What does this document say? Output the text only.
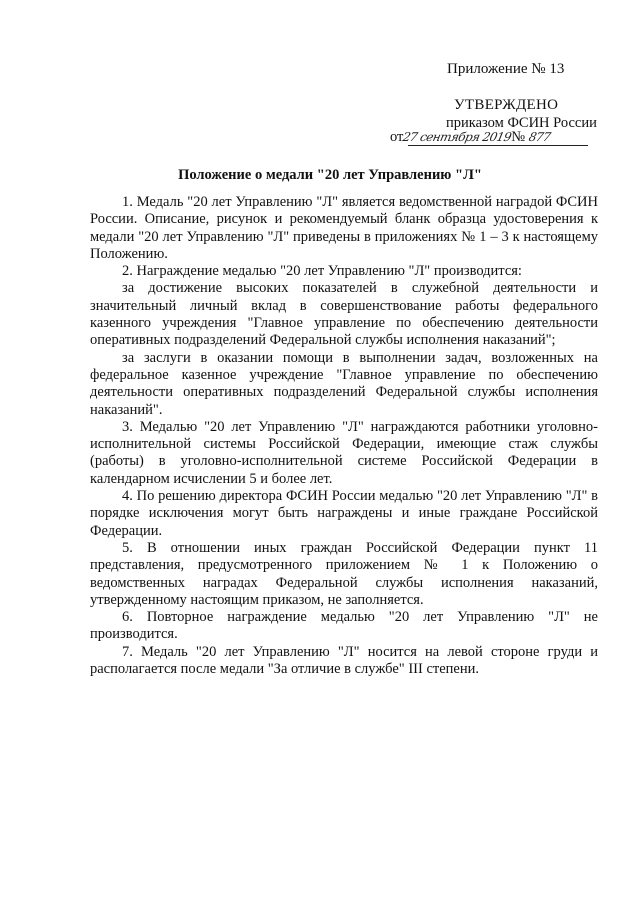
Приложение № 13
УТВЕРЖДЕНО
приказом ФСИН России
от27 сентября 2019№ 877
Положение о медали "20 лет Управлению "Л"

1. Медаль "20 лет Управлению "Л" является ведомственной наградой ФСИН России. Описание, рисунок и рекомендуемый бланк образца удостоверения к медали "20 лет Управлению "Л" приведены в приложениях № 1 – 3 к настоящему Положению.

2. Награждение медалью "20 лет Управлению "Л" производится:

за достижение высоких показателей в служебной деятельности и значительный личный вклад в совершенствование работы федерального казенного учреждения "Главное управление по обеспечению деятельности оперативных подразделений Федеральной службы исполнения наказаний";

за заслуги в оказании помощи в выполнении задач, возложенных на федеральное казенное учреждение "Главное управление по обеспечению деятельности оперативных подразделений Федеральной службы исполнения наказаний".

3. Медалью "20 лет Управлению "Л" награждаются работники уголовно-исполнительной системы Российской Федерации, имеющие стаж службы (работы) в уголовно-исполнительной системе Российской Федерации в календарном исчислении 5 и более лет.

4. По решению директора ФСИН России медалью "20 лет Управлению "Л" в порядке исключения могут быть награждены и иные граждане Российской Федерации.

5. В отношении иных граждан Российской Федерации пункт 11 представления, предусмотренного приложением № 1 к Положению о ведомственных наградах Федеральной службы исполнения наказаний, утвержденному настоящим приказом, не заполняется.

6. Повторное награждение медалью "20 лет Управлению "Л" не производится.

7. Медаль "20 лет Управлению "Л" носится на левой стороне груди и располагается после медали "За отличие в службе" III степени.
